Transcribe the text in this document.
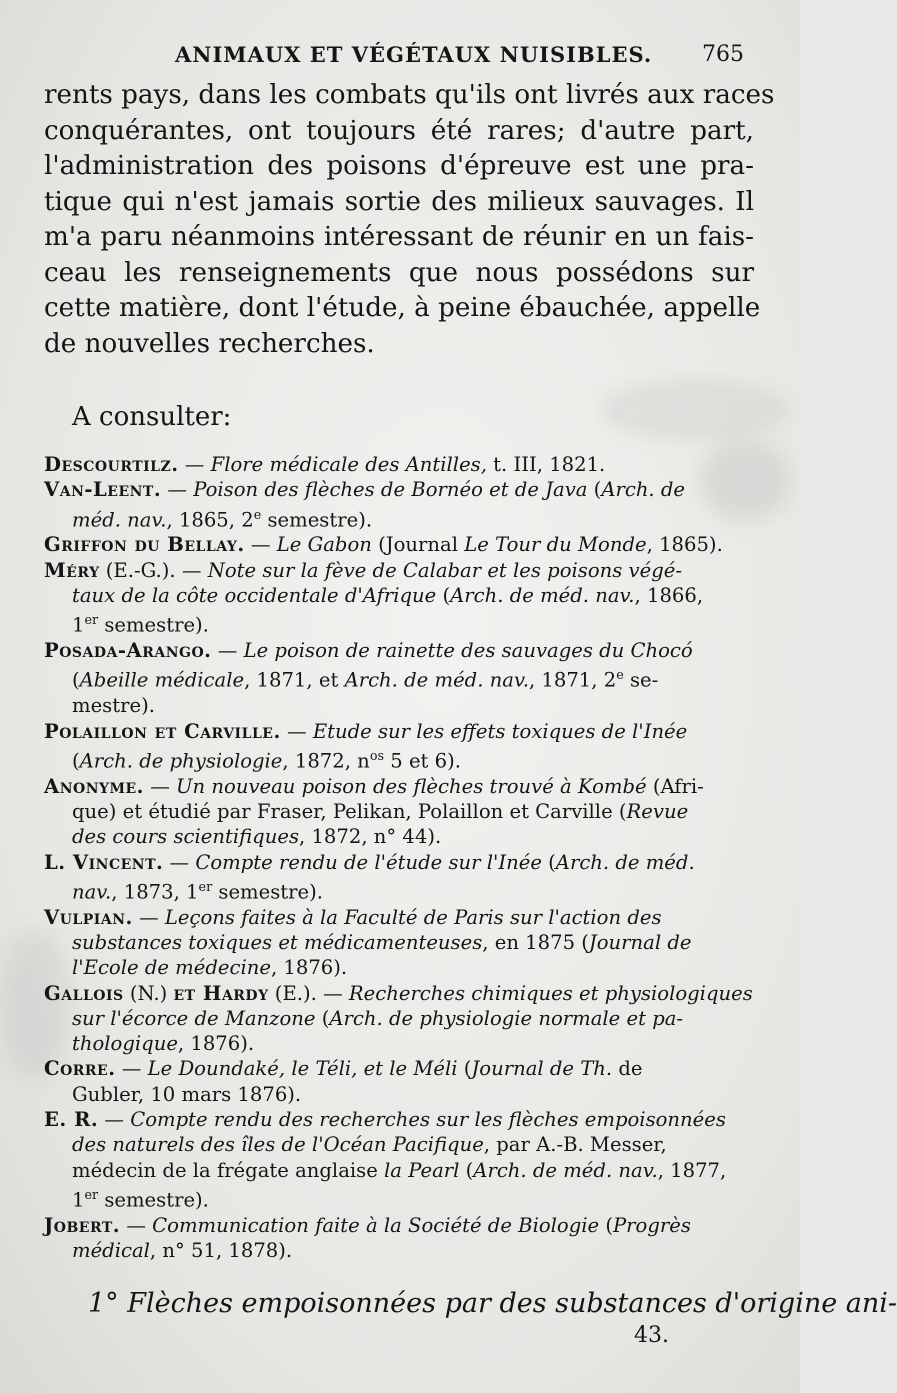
ANIMAUX ET VÉGÉTAUX NUISIBLES. 765
rents pays, dans les combats qu'ils ont livrés aux races
conquérantes, ont toujours été rares; d'autre part,
l'administration des poisons d'épreuve est une pra-
tique qui n'est jamais sortie des milieux sauvages. Il
m'a paru néanmoins intéressant de réunir en un fais-
ceau les renseignements que nous possédons sur
cette matière, dont l'étude, à peine ébauchée, appelle
de nouvelles recherches.
A consulter:
Descourtilz. — Flore médicale des Antilles, t. III, 1821.
Van-Leent. — Poison des flèches de Bornéo et de Java (Arch. de
méd. nav., 1865, 2e semestre).
Griffon du Bellay. — Le Gabon (Journal Le Tour du Monde, 1865).
Méry (E.-G.). — Note sur la fève de Calabar et les poisons végé-
taux de la côte occidentale d'Afrique (Arch. de méd. nav., 1866,
1er semestre).
Posada-Arango. — Le poison de rainette des sauvages du Chocó
(Abeille médicale, 1871, et Arch. de méd. nav., 1871, 2e se-
mestre).
Polaillon et Carville. — Etude sur les effets toxiques de l'Inée
(Arch. de physiologie, 1872, $n^{os}$ 5 et 6).
Anonyme. — Un nouveau poison des flèches trouvé à Kombé (Afri-
que) et étudié par Fraser, Pelikan, Polaillon et Carville (Revue
des cours scientifiques, 1872, n° 44).
L. Vincent. — Compte rendu de l'étude sur l'Inée (Arch. de méd.
nav., 1873, 1er semestre).
Vulpian. — Leçons faites à la Faculté de Paris sur l'action des
substances toxiques et médicamenteuses, en 1875 (Journal de
l'Ecole de médecine, 1876).
Gallois (N.) et Hardy (E.). — Recherches chimiques et physiologiques
sur l'écorce de Manzone (Arch. de physiologie normale et pa-
thologique, 1876).
Corre. — Le Doundaké, le Téli, et le Méli (Journal de Th. de
Gubler, 10 mars 1876).
E. R. — Compte rendu des recherches sur les flèches empoisonnées
des naturels des îles de l'Océan Pacifique, par A.-B. Messer,
médecin de la frégate anglaise la Pearl (Arch. de méd. nav., 1877,
1er semestre).
Jobert. — Communication faite à la Société de Biologie (Progrès
médical, n° 51, 1878).
1° Flèches empoisonnées par des substances d'origine ani-
43.
